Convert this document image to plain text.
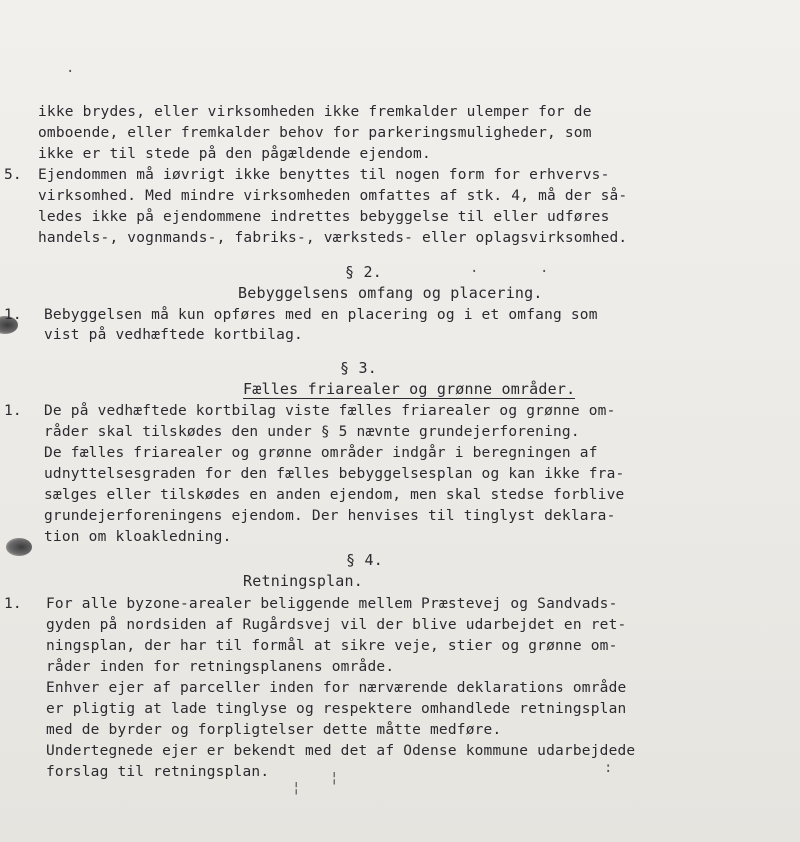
ikke brydes, eller virksomheden ikke fremkalder ulemper for de
omboende, eller fremkalder behov for parkeringsmuligheder, som
ikke er til stede på den pågældende ejendom.
5. Ejendommen må iøvrigt ikke benyttes til nogen form for erhvervs-
virksomhed. Med mindre virksomheden omfattes af stk. 4, må der så-
ledes ikke på ejendommene indrettes bebyggelse til eller udføres
handels-, vognmands-, fabriks-, værksteds- eller oplagsvirksomhed.
§ 2.
Bebyggelsens omfang og placering.
1. Bebyggelsen må kun opføres med en placering og i et omfang som
vist på vedhæftede kortbilag.
§ 3.
Fælles friarealer og grønne områder.
1. De på vedhæftede kortbilag viste fælles friarealer og grønne om-
råder skal tilskødes den under § 5 nævnte grundejerforening.
De fælles friarealer og grønne områder indgår i beregningen af
udnyttelsesgraden for den fælles bebyggelsesplan og kan ikke fra-
sælges eller tilskødes en anden ejendom, men skal stedse forblive
grundejerforeningens ejendom. Der henvises til tinglyst deklara-
tion om kloakledning.
§ 4.
Retningsplan.
1. For alle byzone-arealer beliggende mellem Præstevej og Sandvads-
gyden på nordsiden af Rugårdsvej vil der blive udarbejdet en ret-
ningsplan, der har til formål at sikre veje, stier og grønne om-
råder inden for retningsplanens område.
Enhver ejer af parceller inden for nærværende deklarations område
er pligtig at lade tinglyse og respektere omhandlede retningsplan
med de byrder og forpligtelser dette måtte medføre.
Undertegnede ejer er bekendt med det af Odense kommune udarbejdede
forslag til retningsplan.
·
·	·
¦
¦
:
